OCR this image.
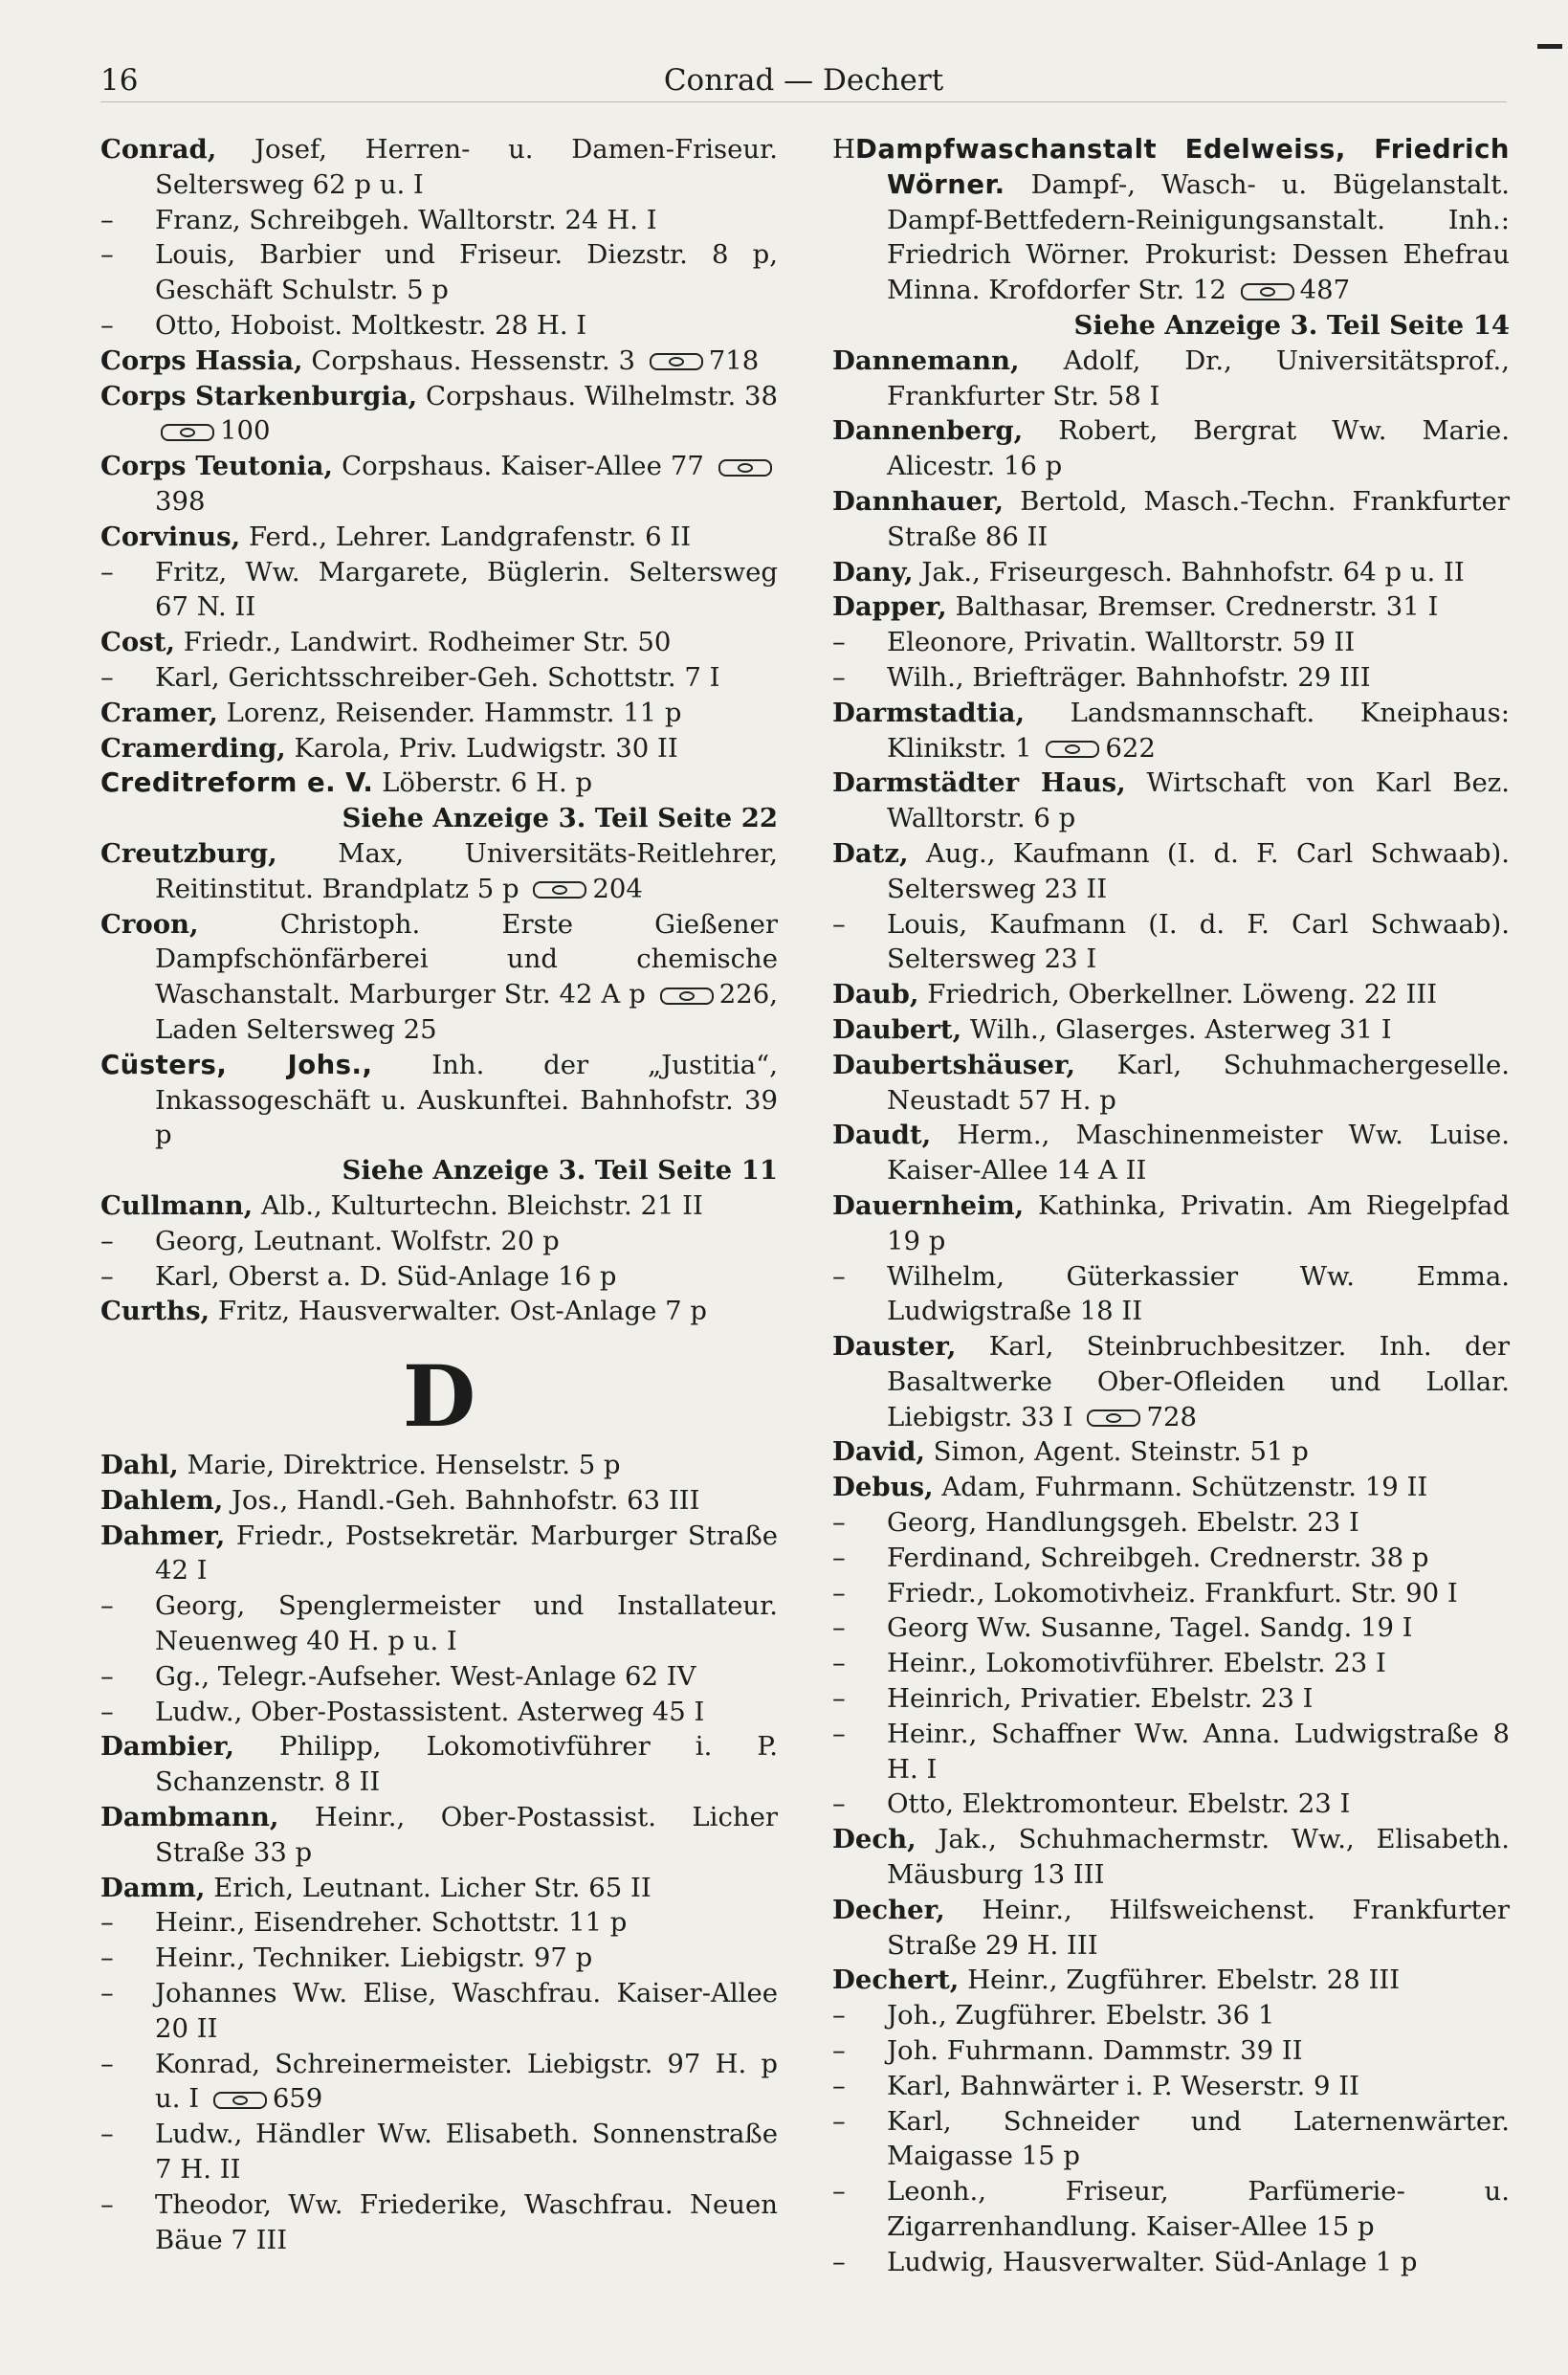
16	Conrad — Dechert
Conrad, Josef, Herren- u. Damen-Friseur. Seltersweg 62 p u. I
– Franz, Schreibgeh. Walltorstr. 24 H. I
– Louis, Barbier und Friseur. Diezstr. 8 p, Geschäft Schulstr. 5 p
– Otto, Hoboist. Moltkestr. 28 H. I
Corps Hassia, Corpshaus. Hessenstr. 3	718
Corps Starkenburgia, Corpshaus. Wilhelmstr. 38 100
Corps Teutonia, Corpshaus. Kaiser-Allee 77 398
Corvinus, Ferd., Lehrer. Landgrafenstr. 6 II
– Fritz, Ww. Margarete, Büglerin. Seltersweg 67 N. II
Cost, Friedr., Landwirt. Rodheimer Str. 50
– Karl, Gerichtsschreiber-Geh. Schottstr. 7 I
Cramer, Lorenz, Reisender. Hammstr. 11 p
Cramerding, Karola, Priv. Ludwigstr. 30 II
Creditreform e. V. Löberstr. 6 H. p
Siehe Anzeige 3. Teil Seite 22
Creutzburg, Max, Universitäts-Reitlehrer, Reitinstitut. Brandplatz 5 p	204
Croon,	Christoph. Erste Gießener Dampfschönfärberei und chemische Waschanstalt. Marburger Str. 42 A p	226, Laden Seltersweg 25
Cüsters, Johs., Inh. der „Justitia“, Inkassogeschäft u. Auskunftei. Bahnhofstr. 39 p
Siehe Anzeige 3. Teil Seite 11
Cullmann, Alb., Kulturtechn. Bleichstr. 21 II
– Georg, Leutnant. Wolfstr. 20 p
– Karl, Oberst a. D. Süd-Anlage 16 p
Curths, Fritz, Hausverwalter. Ost-Anlage 7 p
D
Dahl, Marie, Direktrice. Henselstr. 5 p
Dahlem, Jos., Handl.-Geh. Bahnhofstr. 63 III
Dahmer, Friedr., Postsekretär. Marburger Straße 42 I
– Georg, Spenglermeister und Installateur. Neuenweg 40 H. p u. I
– Gg., Telegr.-Aufseher. West-Anlage 62 IV
– Ludw., Ober-Postassistent. Asterweg 45 I
Dambier, Philipp, Lokomotivführer i. P. Schanzenstr. 8 II
Dambmann, Heinr., Ober-Postassist. Licher Straße 33 p
Damm, Erich, Leutnant. Licher Str. 65 II
– Heinr., Eisendreher. Schottstr. 11 p
– Heinr., Techniker. Liebigstr. 97 p
– Johannes Ww. Elise, Waschfrau. Kaiser-Allee 20 II
– Konrad, Schreinermeister. Liebigstr. 97 H. p u. I	659
– Ludw., Händler Ww. Elisabeth. Sonnenstraße 7 H. II
– Theodor, Ww. Friederike, Waschfrau. Neuen Bäue 7 III
HDampfwaschanstalt Edelweiss, Friedrich Wörner. Dampf-, Wasch- u. Bügelanstalt. Dampf-Bettfedern-Reinigungsanstalt. Inh.: Friedrich Wörner. Prokurist: Dessen Ehefrau Minna. Krofdorfer Str. 12	487
Siehe Anzeige 3. Teil Seite 14
Dannemann, Adolf, Dr., Universitätsprof., Frankfurter Str. 58 I
Dannenberg, Robert, Bergrat Ww. Marie. Alicestr. 16 p
Dannhauer, Bertold, Masch.-Techn. Frankfurter Straße 86 II
Dany, Jak., Friseurgesch. Bahnhofstr. 64 p u. II
Dapper, Balthasar, Bremser. Crednerstr. 31 I
– Eleonore, Privatin. Walltorstr. 59 II
– Wilh., Briefträger. Bahnhofstr. 29 III
Darmstadtia, Landsmannschaft. Kneiphaus: Klinikstr. 1	622
Darmstädter Haus, Wirtschaft von Karl Bez. Walltorstr. 6 p
Datz, Aug., Kaufmann (I. d. F. Carl Schwaab). Seltersweg 23 II
– Louis, Kaufmann (I. d. F. Carl Schwaab). Seltersweg 23 I
Daub, Friedrich, Oberkellner. Löweng. 22 III
Daubert, Wilh., Glaserges. Asterweg 31 I
Daubertshäuser, Karl, Schuhmachergeselle. Neustadt 57 H. p
Daudt, Herm., Maschinenmeister Ww. Luise. Kaiser-Allee 14 A II
Dauernheim, Kathinka, Privatin. Am Riegelpfad 19 p
– Wilhelm, Güterkassier Ww. Emma. Ludwigstraße 18 II
Dauster, Karl, Steinbruchbesitzer. Inh. der Basaltwerke Ober-Ofleiden und Lollar. Liebigstr. 33 I	728
David, Simon, Agent. Steinstr. 51 p
Debus, Adam, Fuhrmann. Schützenstr. 19 II
– Georg, Handlungsgeh. Ebelstr. 23 I
– Ferdinand, Schreibgeh. Crednerstr. 38 p
– Friedr., Lokomotivheiz. Frankfurt. Str. 90 I
– Georg Ww. Susanne, Tagel. Sandg. 19 I
– Heinr., Lokomotivführer. Ebelstr. 23 I
– Heinrich, Privatier. Ebelstr. 23 I
– Heinr., Schaffner Ww. Anna. Ludwigstraße 8 H. I
– Otto, Elektromonteur. Ebelstr. 23 I
Dech, Jak., Schuhmachermstr. Ww., Elisabeth. Mäusburg 13 III
Decher, Heinr., Hilfsweichenst. Frankfurter Straße 29 H. III
Dechert, Heinr., Zugführer. Ebelstr. 28 III
– Joh., Zugführer. Ebelstr. 36 1
– Joh. Fuhrmann. Dammstr. 39 II
– Karl, Bahnwärter i. P. Weserstr. 9 II
– Karl, Schneider und Laternenwärter. Maigasse 15 p
– Leonh., Friseur, Parfümerie- u. Zigarrenhandlung. Kaiser-Allee 15 p
– Ludwig, Hausverwalter. Süd-Anlage 1 p
